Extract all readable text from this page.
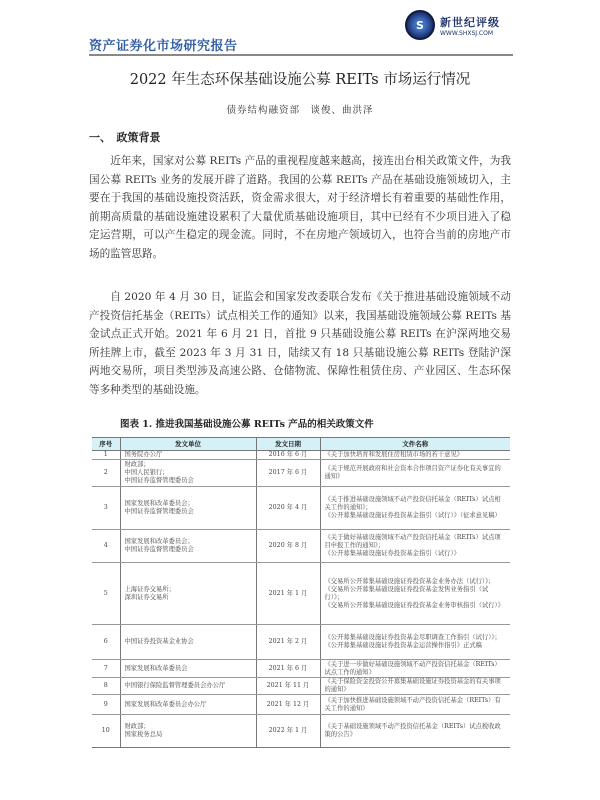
S 新世纪评级
WWW.SHXSJ.COM
资产证券化市场研究报告
2022 年生态环保基础设施公募 REITs 市场运行情况
债券结构融资部　谈俊、曲洪泽
一、　政策背景

近年来，国家对公募 REITs 产品的重视程度越来越高，接连出台相关政策文件，为我国公募 REITs 业务的发展开辟了道路。我国的公募 REITs 产品在基础设施领域切入，主要在于我国的基础设施投资活跃，资金需求很大，对于经济增长有着重要的基础性作用，前期高质量的基础设施建设累积了大量优质基础设施项目，其中已经有不少项目进入了稳定运营期，可以产生稳定的现金流。同时，不在房地产领域切入，也符合当前的房地产市场的监管思路。

自 2020 年 4 月 30 日，证监会和国家发改委联合发布《关于推进基础设施领域不动产投资信托基金（REITs）试点相关工作的通知》以来，我国基础设施领域公募 REITs 基金试点正式开始。2021 年 6 月 21 日，首批 9 只基础设施公募 REITs 在沪深两地交易所挂牌上市，截至 2023 年 3 月 31 日，陆续又有 18 只基础设施公募 REITs 登陆沪深两地交易所，项目类型涉及高速公路、仓储物流、保障性租赁住房、产业园区、生态环保等多种类型的基础设施。

图表 1. 推进我国基础设施公募 REITs 产品的相关政策文件
序号	发文单位	发文日期	文件名称
1	国务院办公厅	2016 年 6 月	《关于加快培育和发展住房租赁市场的若干意见》
2	财政部；
中国人民银行；
中国证券监督管理委员会	2017 年 6 月	《关于规范开展政府和社会资本合作项目资产证券化有关事宜的通知》
3	国家发展和改革委员会；
中国证券监督管理委员会	2020 年 4 月	《关于推进基础设施领域不动产投资信托基金（REITs）试点相关工作的通知》；
《公开募集基础设施证券投资基金指引（试行）》（征求意见稿）
4	国家发展和改革委员会；
中国证券监督管理委员会	2020 年 8 月	《关于做好基础设施领域不动产投资信托基金（REITs）试点项目申报工作的通知》；
《公开募集基础设施证券投资基金指引（试行）》
5	上海证券交易所；
深圳证券交易所	2021 年 1 月	《交易所公开募集基础设施证券投资基金业务办法（试行）》；
《交易所公开募集基础设施证券投资基金发售业务指引（试行）》；
《交易所公开募集基础设施证券投资基金业务审核指引（试行）》
6	中国证券投资基金业协会	2021 年 2 月	《公开募集基础设施证券投资基金尽职调查工作指引（试行）》；
《公开募集基础设施证券投资基金运营操作指引》正式稿
7	国家发展和改革委员会	2021 年 6 月	《关于进一步做好基础设施领域不动产投资信托基金（REITs）试点工作的通知》
8	中国银行保险监督管理委员会办公厅	2021 年 11 月	《关于保险资金投资公开募集基础设施证券投资基金的有关事项的通知》
9	国家发展和改革委员会办公厅	2021 年 12 月	《关于加快推进基础设施领域不动产投资信托基金（REITs）有关工作的通知》
10	财政部；
国家税务总局	2022 年 1 月	《关于基础设施领域不动产投资信托基金（REITs）试点税收政策的公告》
